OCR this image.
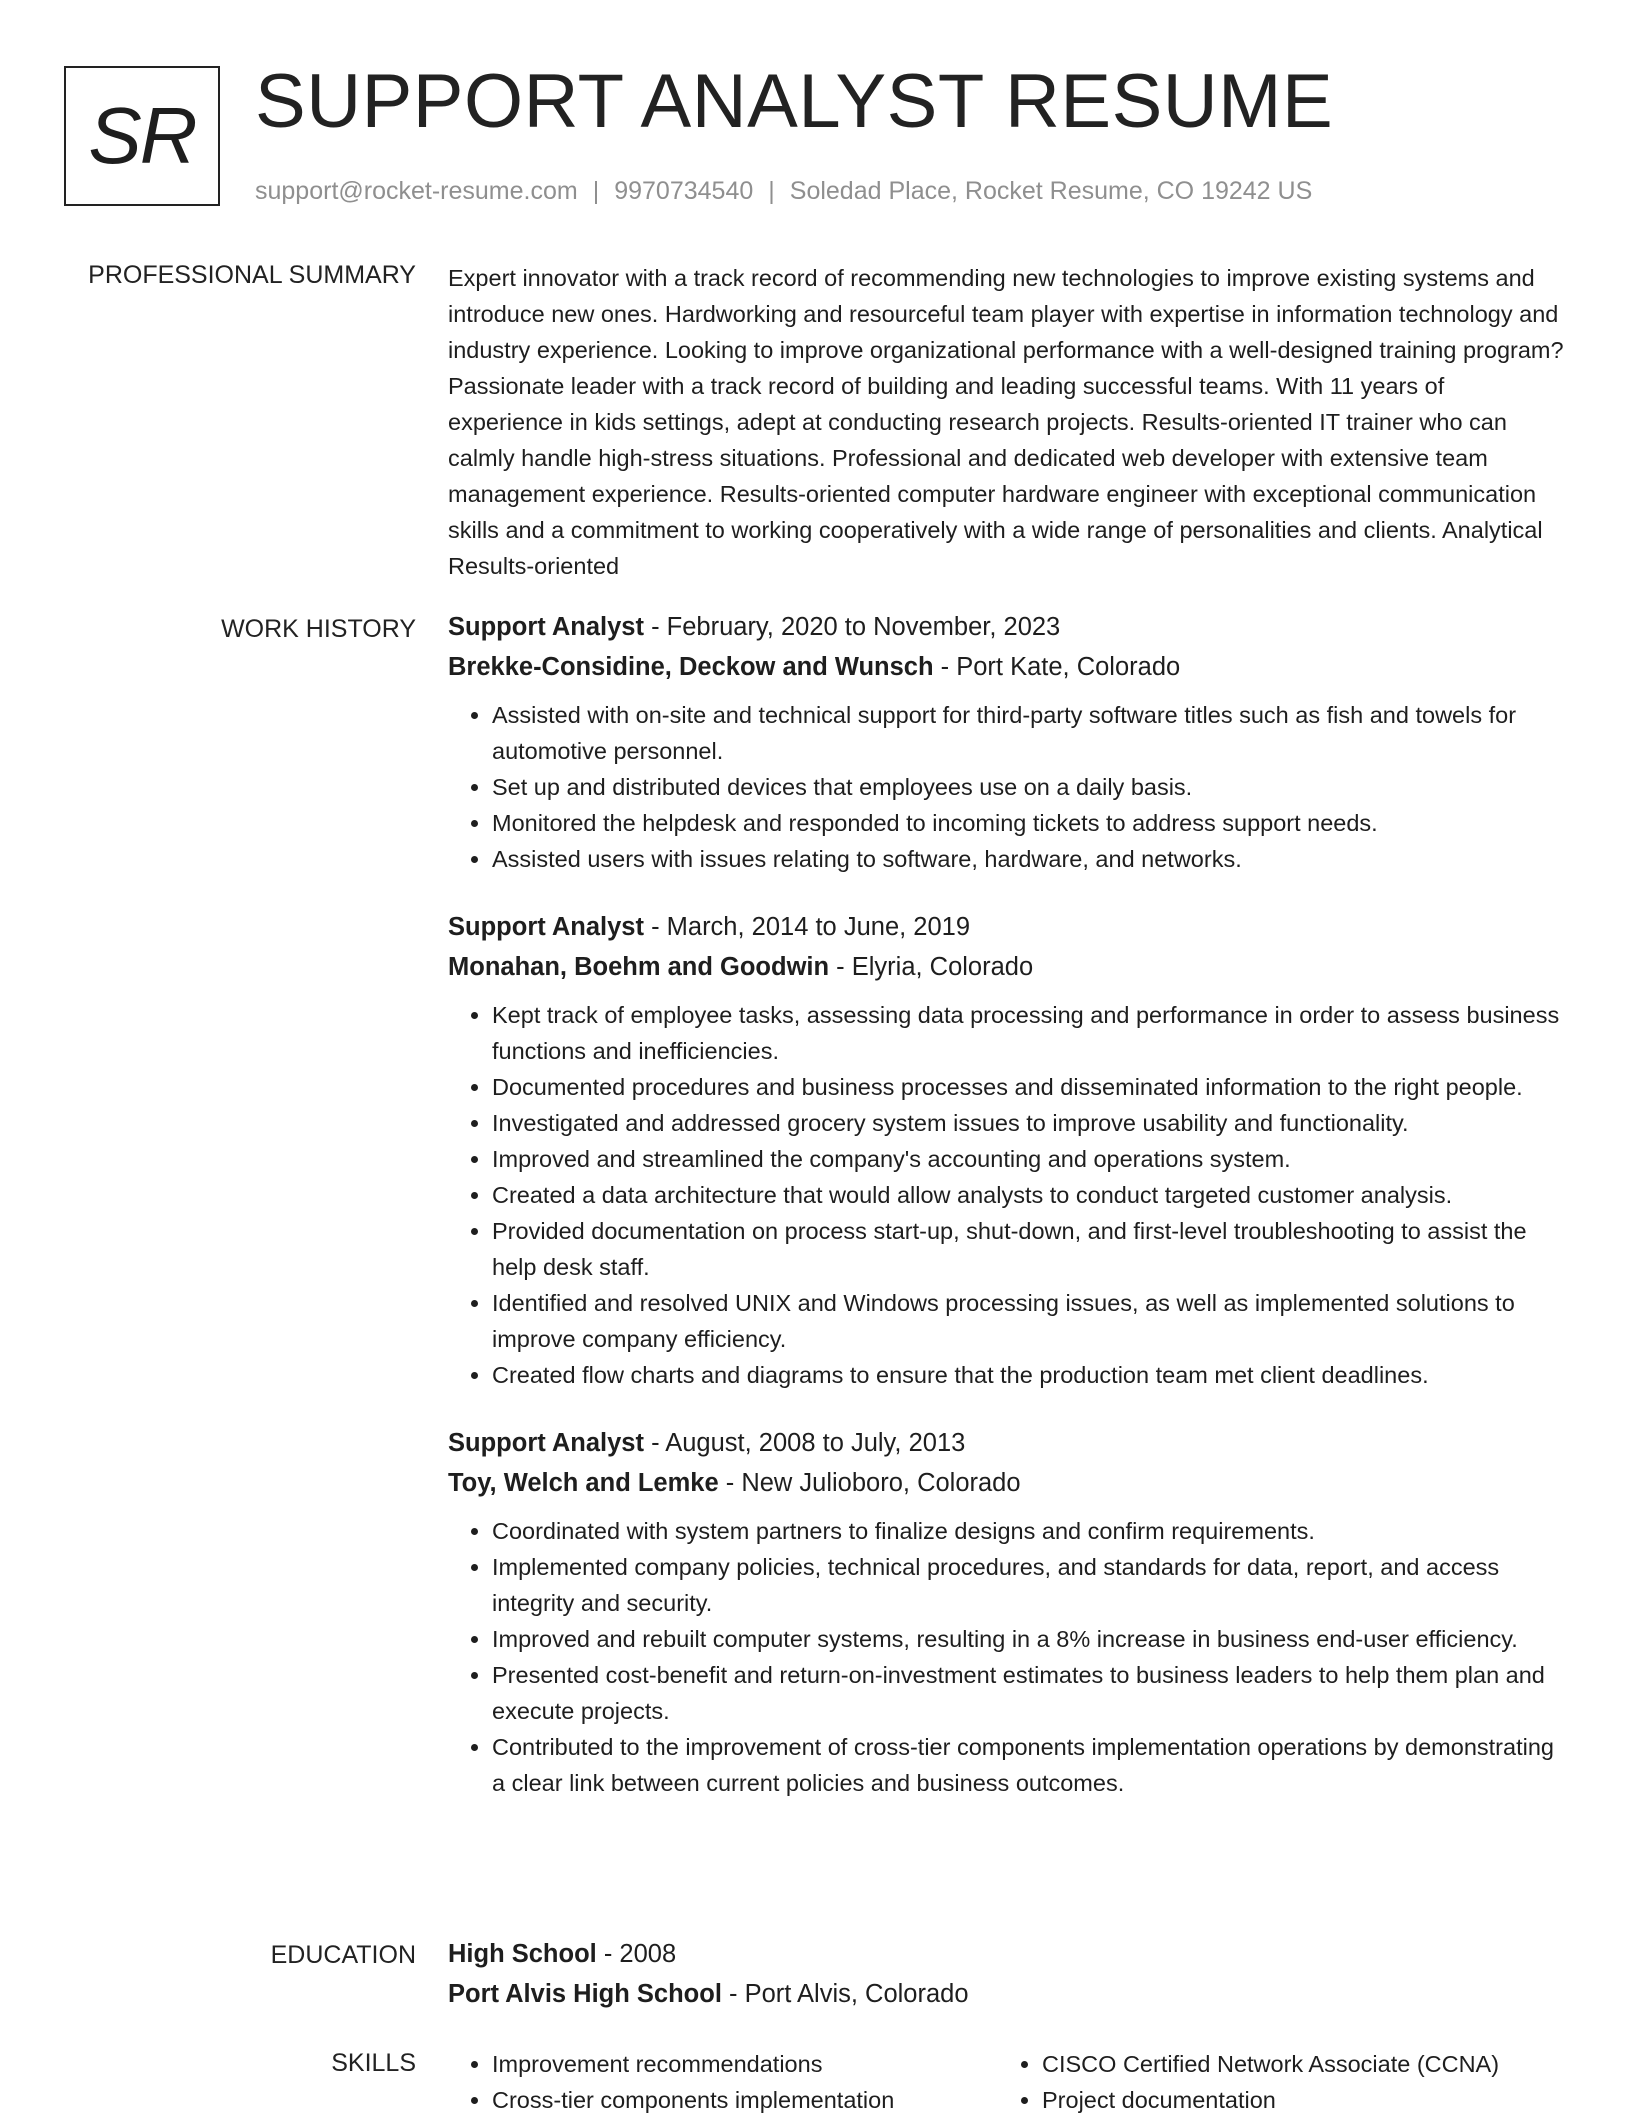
SR SUPPORT ANALYST RESUME
support@rocket-resume.com | 9970734540 | Soledad Place, Rocket Resume, CO 19242 US
PROFESSIONAL SUMMARY Expert innovator with a track record of recommending new technologies to improve existing systems and introduce new ones. Hardworking and resourceful team player with expertise in information technology and industry experience. Looking to improve organizational performance with a well-designed training program? Passionate leader with a track record of building and leading successful teams. With 11 years of experience in kids settings, adept at conducting research projects. Results-oriented IT trainer who can calmly handle high-stress situations. Professional and dedicated web developer with extensive team management experience. Results-oriented computer hardware engineer with exceptional communication skills and a commitment to working cooperatively with a wide range of personalities and clients. Analytical Results-oriented

WORK HISTORY Support Analyst - February, 2020 to November, 2023
Brekke-Considine, Deckow and Wunsch - Port Kate, Colorado
• Assisted with on-site and technical support for third-party software titles such as fish and towels for automotive personnel.
• Set up and distributed devices that employees use on a daily basis.
• Monitored the helpdesk and responded to incoming tickets to address support needs.
• Assisted users with issues relating to software, hardware, and networks.
Support Analyst - March, 2014 to June, 2019
Monahan, Boehm and Goodwin - Elyria, Colorado
• Kept track of employee tasks, assessing data processing and performance in order to assess business functions and inefficiencies.
• Documented procedures and business processes and disseminated information to the right people.
• Investigated and addressed grocery system issues to improve usability and functionality.
• Improved and streamlined the company's accounting and operations system.
• Created a data architecture that would allow analysts to conduct targeted customer analysis.
• Provided documentation on process start-up, shut-down, and first-level troubleshooting to assist the help desk staff.
• Identified and resolved UNIX and Windows processing issues, as well as implemented solutions to improve company efficiency.
• Created flow charts and diagrams to ensure that the production team met client deadlines.
Support Analyst - August, 2008 to July, 2013
Toy, Welch and Lemke - New Julioboro, Colorado
• Coordinated with system partners to finalize designs and confirm requirements.
• Implemented company policies, technical procedures, and standards for data, report, and access integrity and security.
• Improved and rebuilt computer systems, resulting in a 8% increase in business end-user efficiency.
• Presented cost-benefit and return-on-investment estimates to business leaders to help them plan and execute projects.
• Contributed to the improvement of cross-tier components implementation operations by demonstrating a clear link between current policies and business outcomes.
EDUCATION High School - 2008
Port Alvis High School - Port Alvis, Colorado
SKILLS
•	Improvement recommendations
• Cross-tier components implementation
• CISCO Certified Network Associate (CCNA)
• Project documentation
